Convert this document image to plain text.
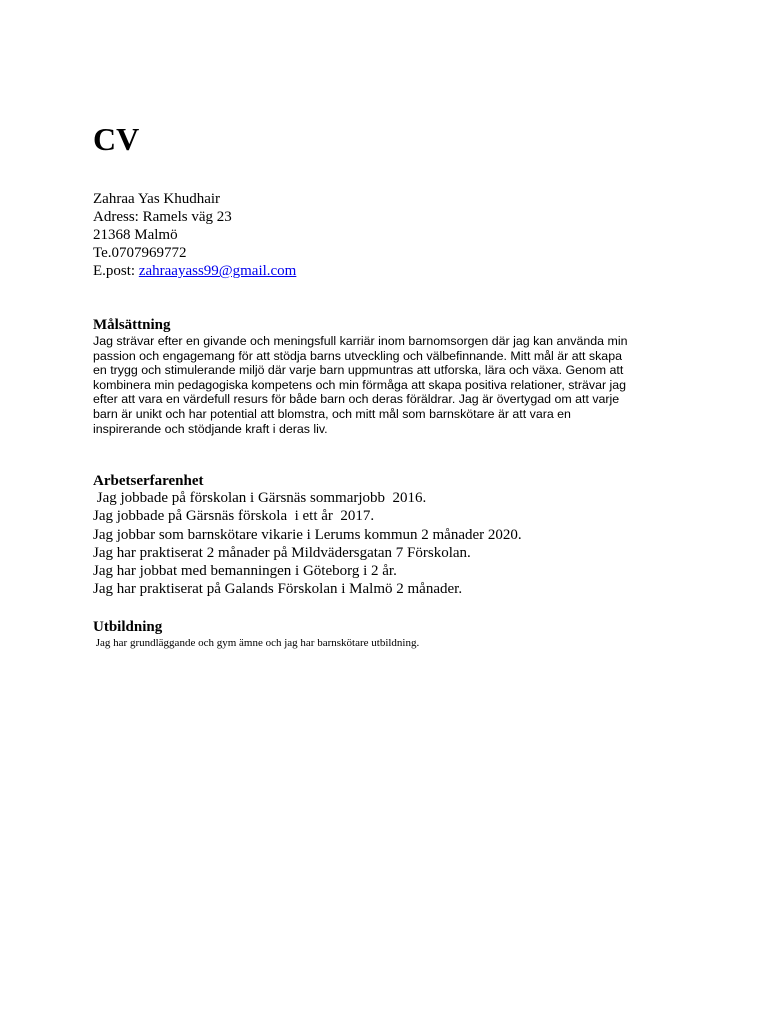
CV
Zahraa Yas Khudhair
Adress: Ramels väg 23
21368 Malmö
Te.0707969772
E.post: zahraayass99@gmail.com
Målsättning

Jag strävar efter en givande och meningsfull karriär inom barnomsorgen där jag kan använda min passion och engagemang för att stödja barns utveckling och välbefinnande. Mitt mål är att skapa en trygg och stimulerande miljö där varje barn uppmuntras att utforska, lära och växa. Genom att kombinera min pedagogiska kompetens och min förmåga att skapa positiva relationer, strävar jag efter att vara en värdefull resurs för både barn och deras föräldrar. Jag är övertygad om att varje barn är unikt och har potential att blomstra, och mitt mål som barnskötare är att vara en inspirerande och stödjande kraft i deras liv.

Arbetserfarenhet
Jag jobbade på förskolan i Gärsnäs sommarjobb  2016.
Jag jobbade på Gärsnäs förskola  i ett år  2017.
Jag jobbar som barnskötare vikarie i Lerums kommun 2 månader 2020.
Jag har praktiserat 2 månader på Mildvädersgatan 7 Förskolan.
Jag har jobbat med bemanningen i Göteborg i 2 år.
Jag har praktiserat på Galands Förskolan i Malmö 2 månader.
Utbildning

Jag har grundläggande och gym ämne och jag har barnskötare utbildning.
